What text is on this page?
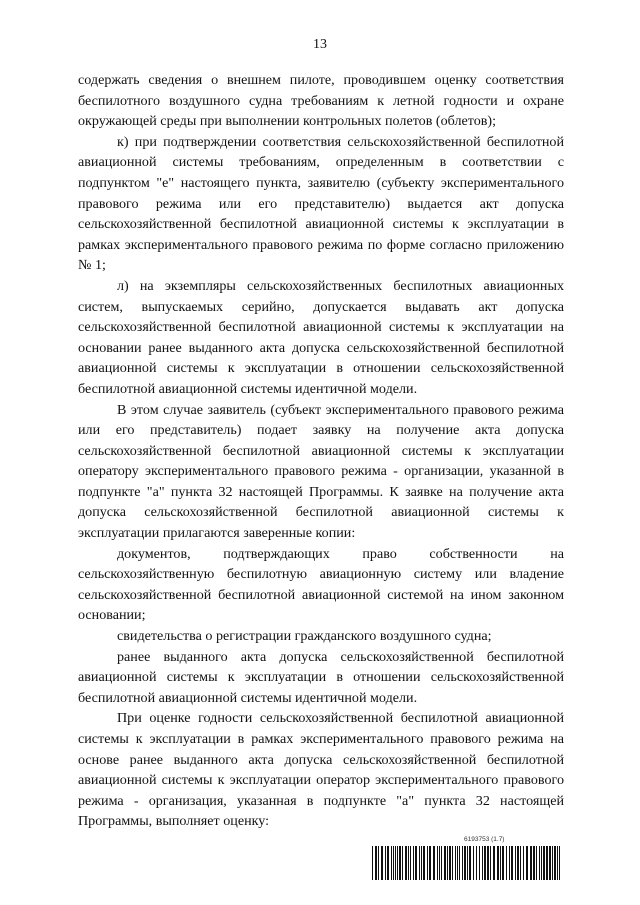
13

содержать сведения о внешнем пилоте, проводившем оценку соответствия беспилотного воздушного судна требованиям к летной годности и охране окружающей среды при выполнении контрольных полетов (облетов);

к) при подтверждении соответствия сельскохозяйственной беспилотной авиационной системы требованиям, определенным в соответствии с подпунктом "е" настоящего пункта, заявителю (субъекту экспериментального правового режима или его представителю) выдается акт допуска сельскохозяйственной беспилотной авиационной системы к эксплуатации в рамках экспериментального правового режима по форме согласно приложению № 1;

л) на экземпляры сельскохозяйственных беспилотных авиационных систем, выпускаемых серийно, допускается выдавать акт допуска сельскохозяйственной беспилотной авиационной системы к эксплуатации на основании ранее выданного акта допуска сельскохозяйственной беспилотной авиационной системы к эксплуатации в отношении сельскохозяйственной беспилотной авиационной системы идентичной модели.

В этом случае заявитель (субъект экспериментального правового режима или его представитель) подает заявку на получение акта допуска сельскохозяйственной беспилотной авиационной системы к эксплуатации оператору экспериментального правового режима - организации, указанной в подпункте "а" пункта 32 настоящей Программы. К заявке на получение акта допуска сельскохозяйственной беспилотной авиационной системы к эксплуатации прилагаются заверенные копии:

документов, подтверждающих право собственности на сельскохозяйственную беспилотную авиационную систему или владение сельскохозяйственной беспилотной авиационной системой на ином законном основании;

свидетельства о регистрации гражданского воздушного судна;

ранее выданного акта допуска сельскохозяйственной беспилотной авиационной системы к эксплуатации в отношении сельскохозяйственной беспилотной авиационной системы идентичной модели.

При оценке годности сельскохозяйственной беспилотной авиационной системы к эксплуатации в рамках экспериментального правового режима на основе ранее выданного акта допуска сельскохозяйственной беспилотной авиационной системы к эксплуатации оператор экспериментального правового режима - организация, указанная в подпункте "а" пункта 32 настоящей Программы, выполняет оценку:

6193753 (1.7)
